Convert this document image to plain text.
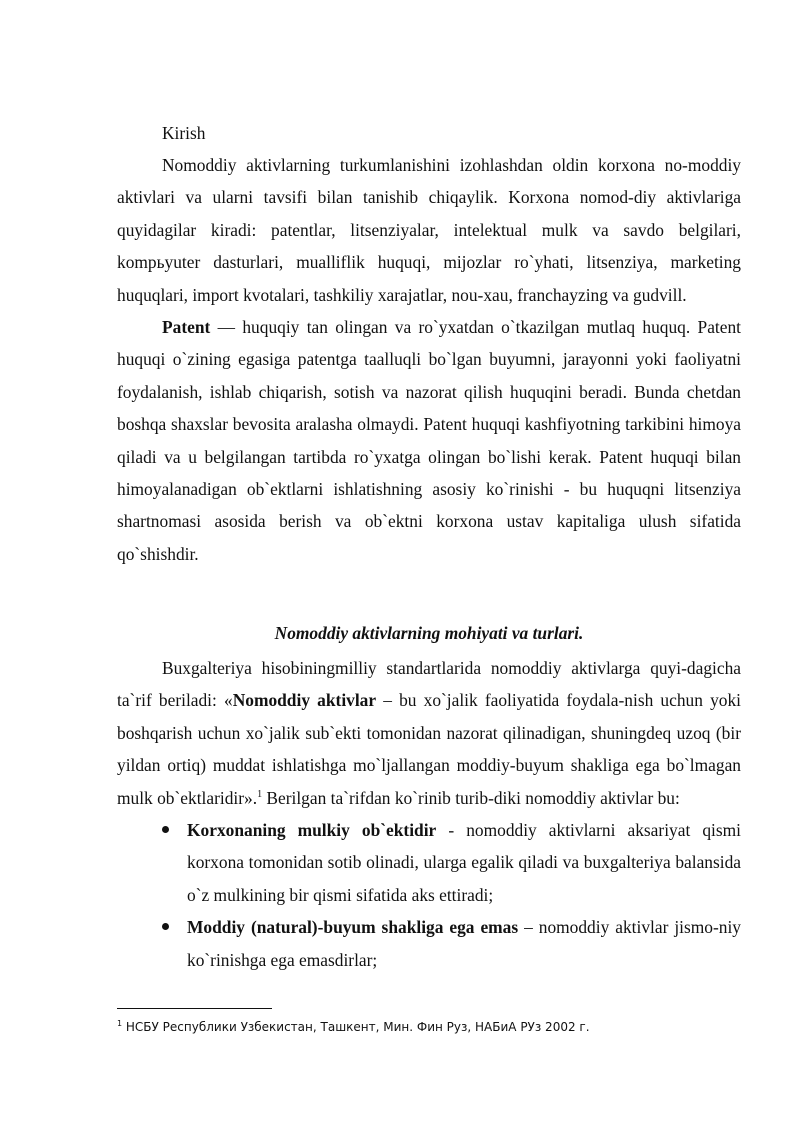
Kirish

Nomoddiy aktivlarning turkumlanishini izohlashdan oldin korxona no-moddiy aktivlari va ularni tavsifi bilan tanishib chiqaylik. Korxona nomod-diy aktivlariga quyidagilar kiradi: patentlar, litsenziyalar, intelektual mulk va savdo belgilari, kompьyuter dasturlari, mualliflik huquqi, mijozlar ro`yhati, litsenziya, marketing huquqlari, import kvotalari, tashkiliy xarajatlar, nou-xau, franchayzing va gudvill.

Patent — huquqiy tan olingan va ro`yxatdan o`tkazilgan mutlaq huquq. Patent huquqi o`zining egasiga patentga taalluqli bo`lgan buyumni, jarayonni yoki faoliyatni foydalanish, ishlab chiqarish, sotish va nazorat qilish huquqini beradi. Bunda chetdan boshqa shaxslar bevosita aralasha olmaydi. Patent huquqi kashfiyotning tarkibini himoya qiladi va u belgilangan tartibda ro`yxatga olingan bo`lishi kerak. Patent huquqi bilan himoyalanadigan ob`ektlarni ishlatishning asosiy ko`rinishi - bu huquqni litsenziya shartnomasi asosida berish va ob`ektni korxona ustav kapitaliga ulush sifatida qo`shishdir.

Nomoddiy aktivlarning mohiyati va turlari.

Buxgalteriya hisobiningmilliy standartlarida nomoddiy aktivlarga quyi-dagicha ta`rif beriladi: «Nomoddiy aktivlar – bu xo`jalik faoliyatida foydala-nish uchun yoki boshqarish uchun xo`jalik sub`ekti tomonidan nazorat qilinadigan, shuningdeq uzoq (bir yildan ortiq) muddat ishlatishga mo`ljallangan moddiy-buyum shakliga ega bo`lmagan mulk ob`ektlaridir».$^1$ Berilgan ta`rifdan ko`rinib turib-diki nomoddiy aktivlar bu:

Korxonaning mulkiy ob`ektidir - nomoddiy aktivlarni aksariyat qismi korxona tomonidan sotib olinadi, ularga egalik qiladi va buxgalteriya balansida o`z mulkining bir qismi sifatida aks ettiradi;
Moddiy (natural)-buyum shakliga ega emas – nomoddiy aktivlar jismo-niy ko`rinishga ega emasdirlar;
$^1$ НСБУ Республики Узбекистан, Ташкент, Мин. Фин Руз, НАБиА РУз 2002 г.
